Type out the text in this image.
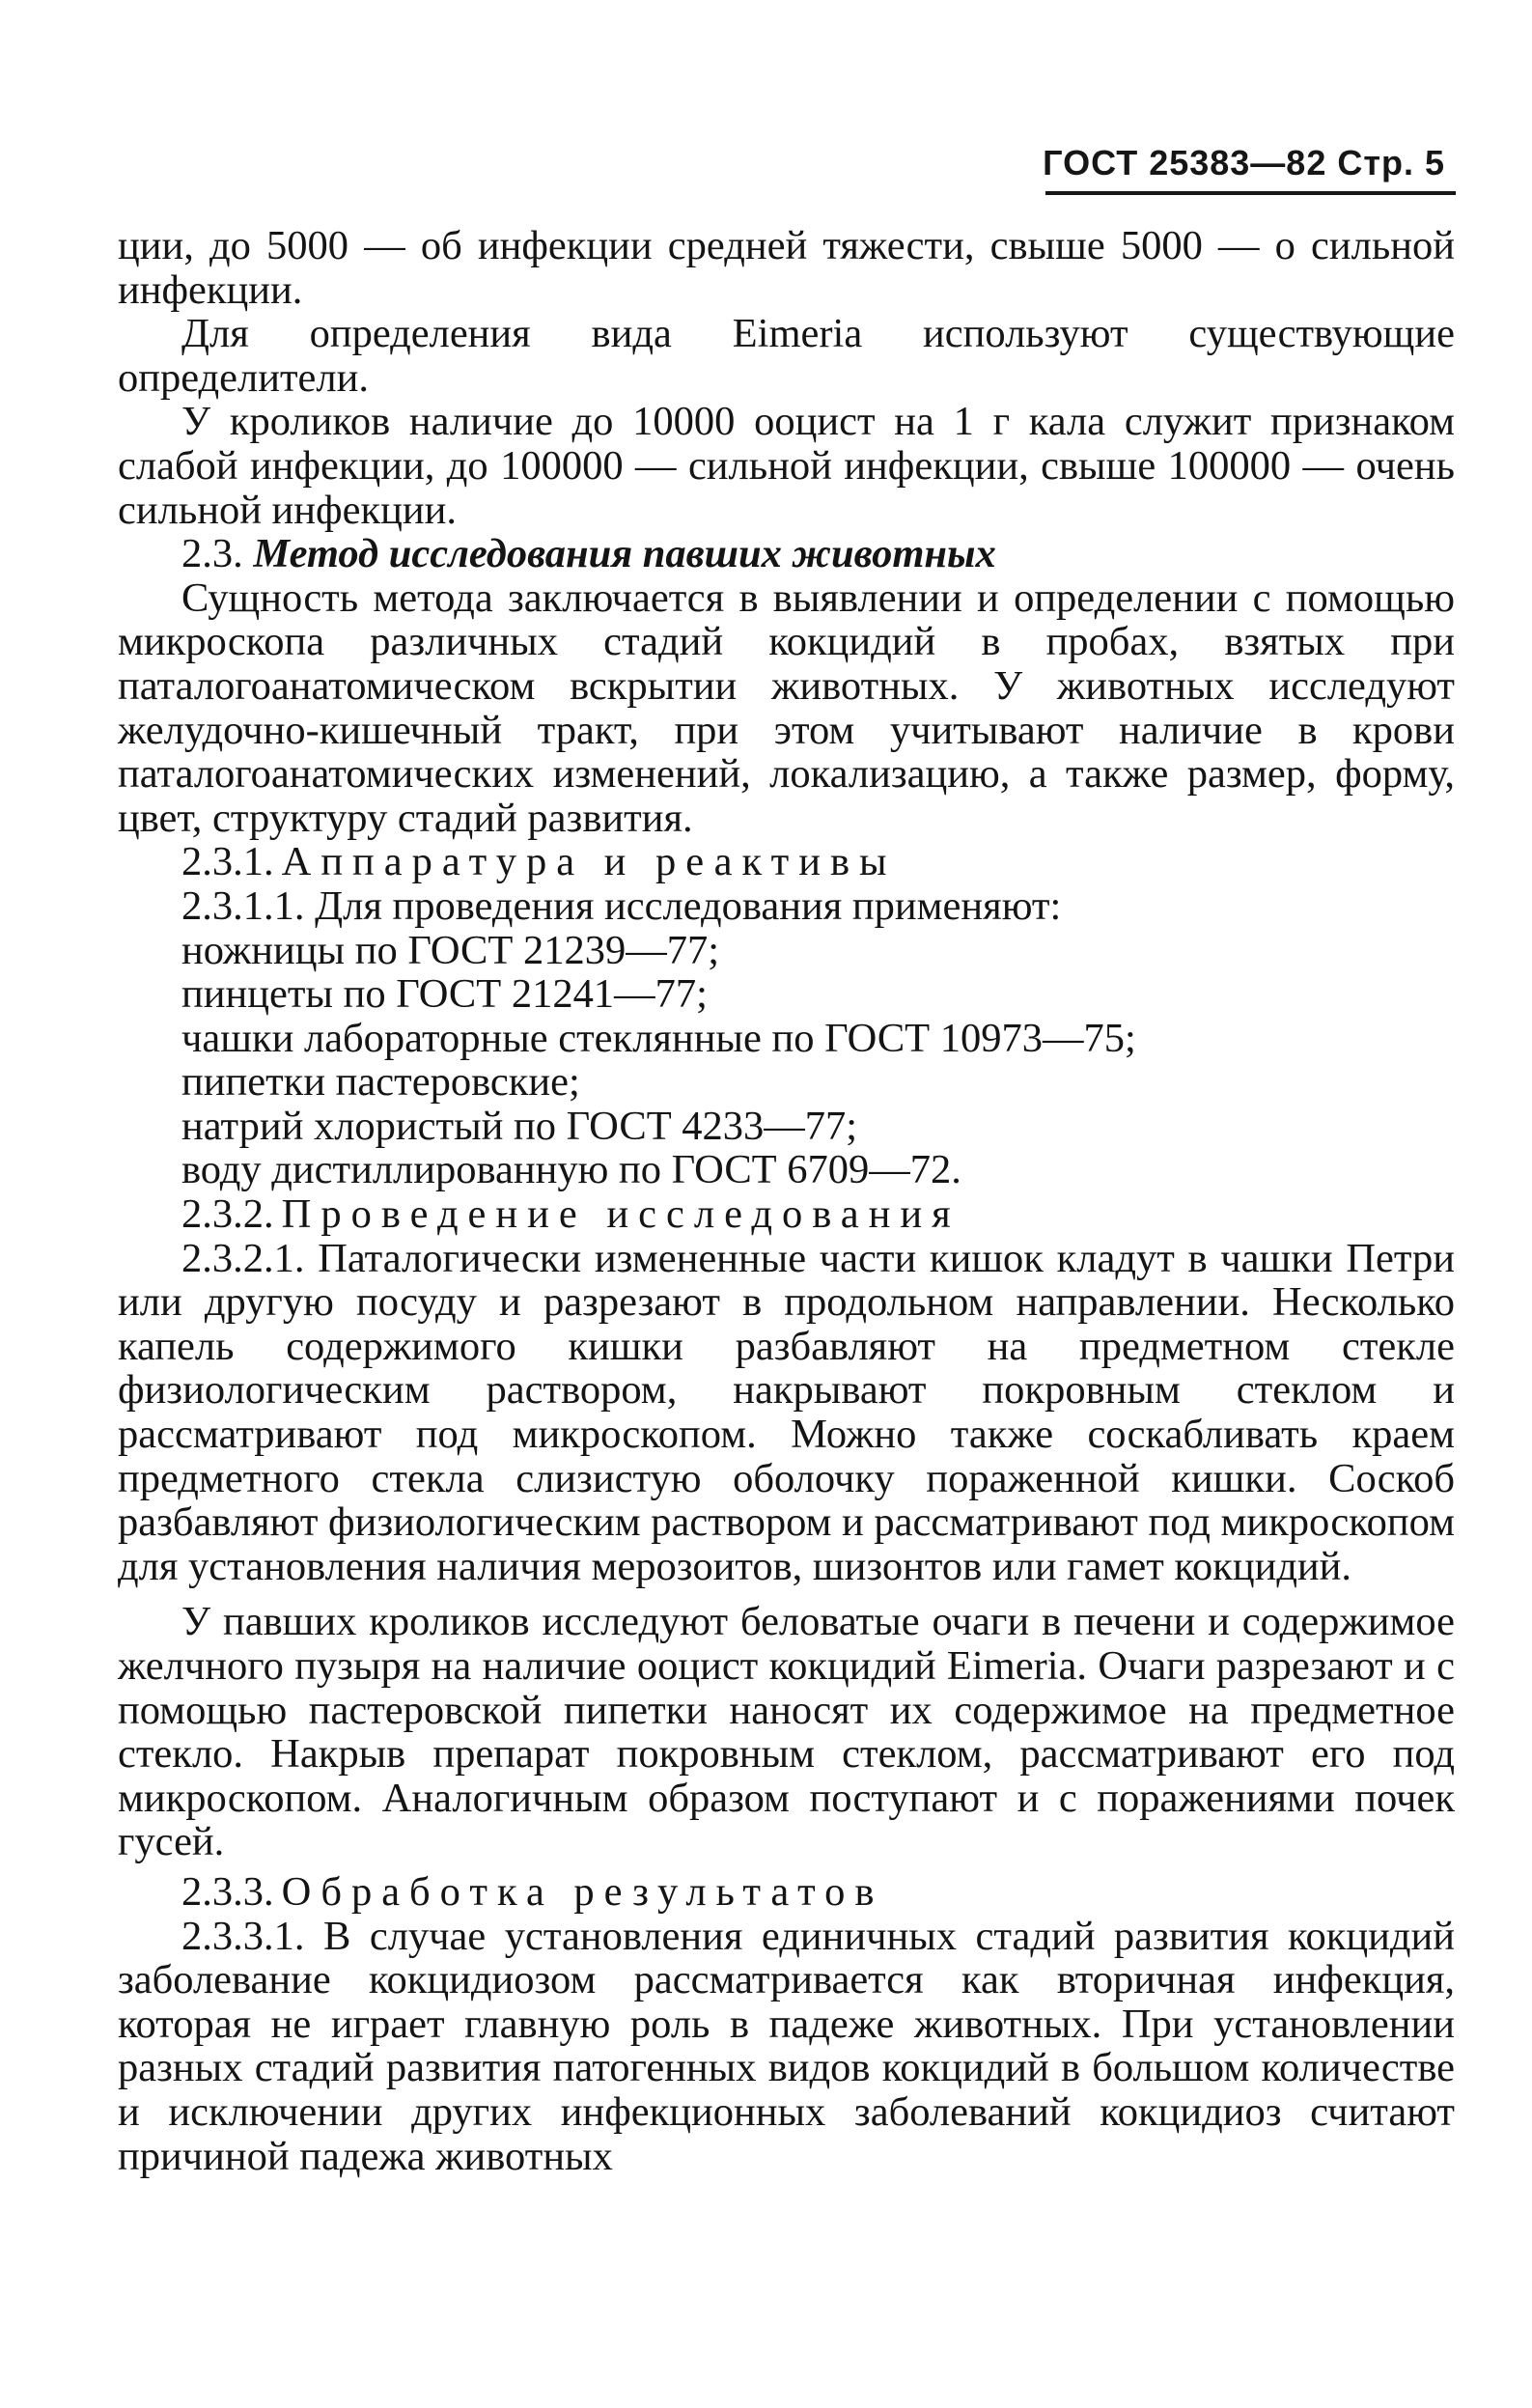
ГОСТ 25383—82 Стр. 5

ции, до 5000 — об инфекции средней тяжести, свыше 5000 — о сильной инфекции.

Для определения вида Eimeria используют существующие определители.

У кроликов наличие до 10000 ооцист на 1 г кала служит признаком слабой инфекции, до 100000 — сильной инфекции, свыше 100000 — очень сильной инфекции.

2.3. Метод исследования павших животных

Сущность метода заключается в выявлении и определении с помощью микроскопа различных стадий кокцидий в пробах, взятых при паталогоанатомическом вскрытии животных. У животных исследуют желудочно-кишечный тракт, при этом учитывают наличие в крови паталогоанатомических изменений, локализацию, а также размер, форму, цвет, структуру стадий развития.

2.3.1. Аппаратура и реактивы

2.3.1.1. Для проведения исследования применяют:

ножницы по ГОСТ 21239—77;

пинцеты по ГОСТ 21241—77;

чашки лабораторные стеклянные по ГОСТ 10973—75;

пипетки пастеровские;

натрий хлористый по ГОСТ 4233—77;

воду дистиллированную по ГОСТ 6709—72.

2.3.2. Проведение исследования

2.3.2.1. Паталогически измененные части кишок кладут в чашки Петри или другую посуду и разрезают в продольном направлении. Несколько капель содержимого кишки разбавляют на предметном стекле физиологическим раствором, накрывают покровным стеклом и рассматривают под микроскопом. Можно также соскабливать краем предметного стекла слизистую оболочку пораженной кишки. Соскоб разбавляют физиологическим раствором и рассматривают под микроскопом для установления наличия мерозоитов, шизонтов или гамет кокцидий.

У павших кроликов исследуют беловатые очаги в печени и содержимое желчного пузыря на наличие ооцист кокцидий Eimeria. Очаги разрезают и с помощью пастеровской пипетки наносят их содержимое на предметное стекло. Накрыв препарат покровным стеклом, рассматривают его под микроскопом. Аналогичным образом поступают и с поражениями почек гусей.

2.3.3. Обработка результатов

2.3.3.1. В случае установления единичных стадий развития кокцидий заболевание кокцидиозом рассматривается как вторичная инфекция, которая не играет главную роль в падеже животных. При установлении разных стадий развития патогенных видов кокцидий в большом количестве и исключении других инфекционных заболеваний кокцидиоз считают причиной падежа животных
